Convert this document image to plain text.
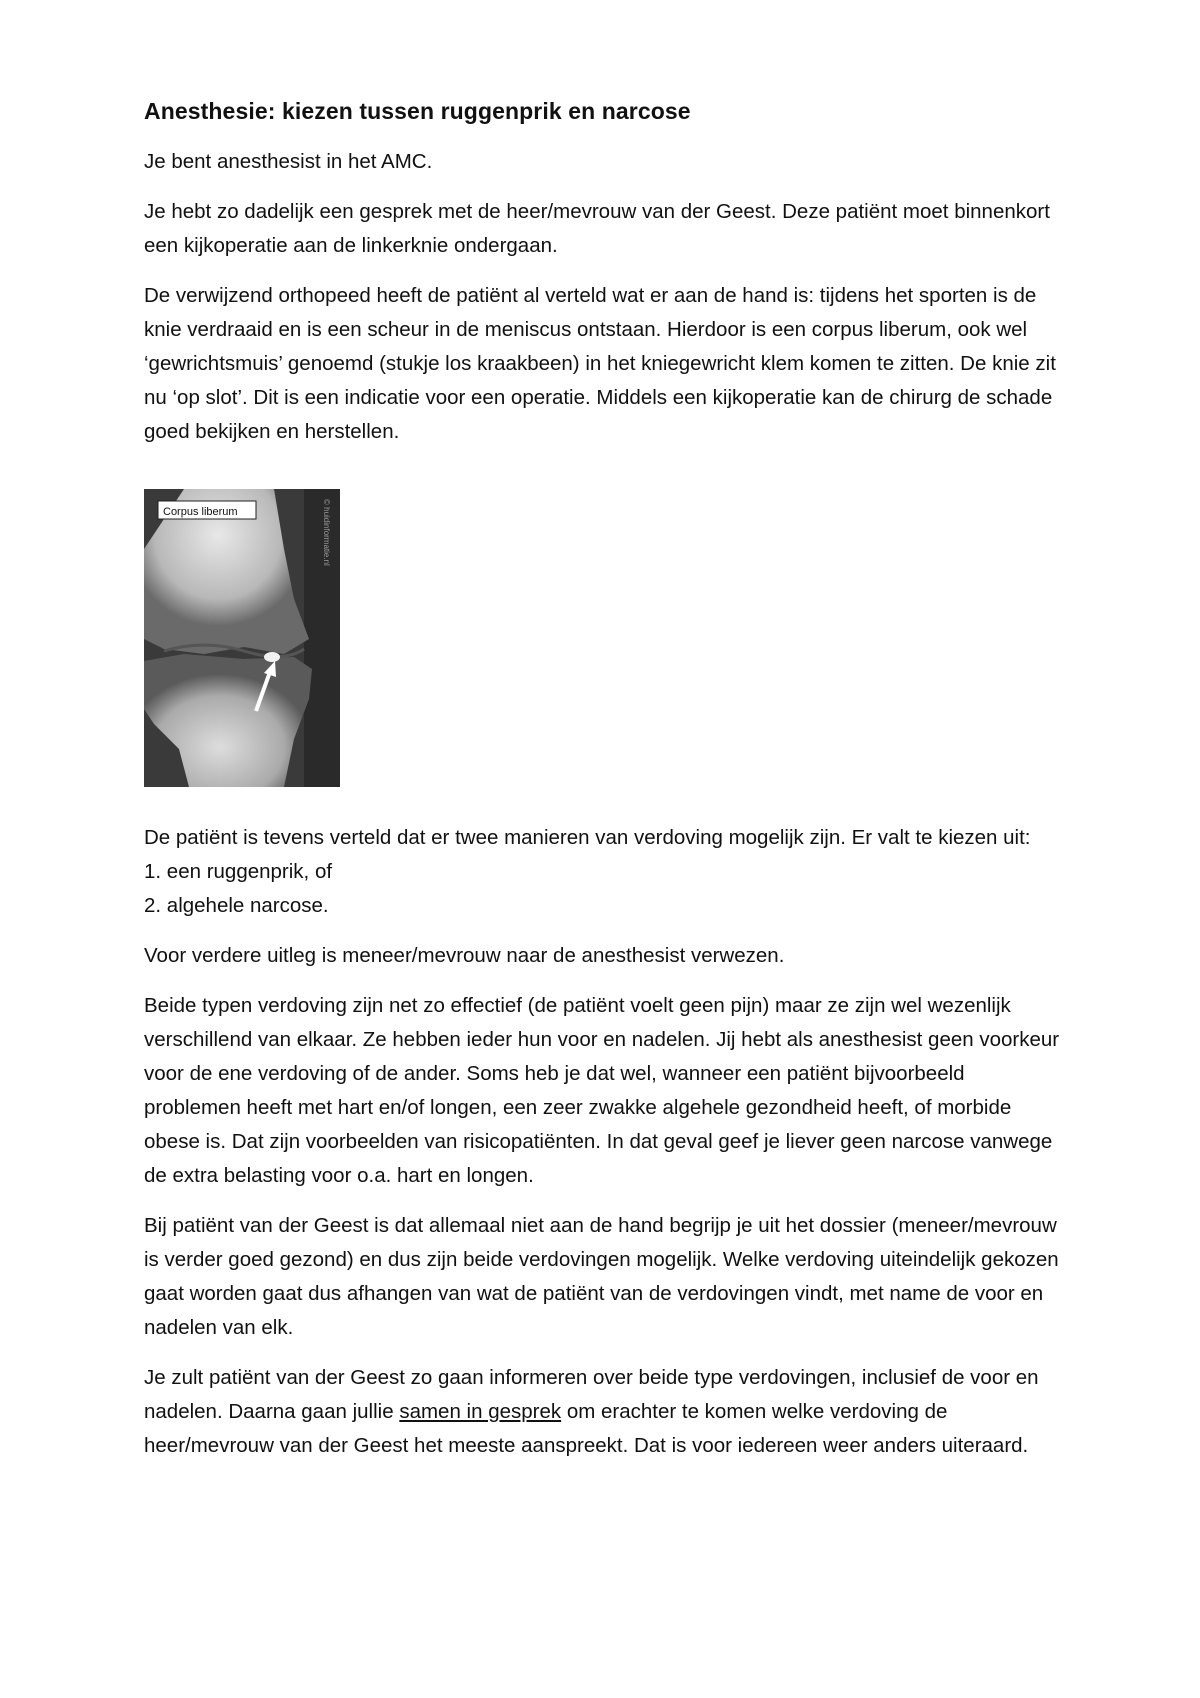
Anesthesie: kiezen tussen ruggenprik en narcose

Je bent anesthesist in het AMC.

Je hebt zo dadelijk een gesprek met de heer/mevrouw van der Geest. Deze patiënt moet binnenkort een kijkoperatie aan de linkerknie ondergaan.

De verwijzend orthopeed heeft de patiënt al verteld wat er aan de hand is: tijdens het sporten is de knie verdraaid en is een scheur in de meniscus ontstaan. Hierdoor is een corpus liberum, ook wel ‘gewrichtsmuis’ genoemd (stukje los kraakbeen) in het kniegewricht klem komen te zitten. De knie zit nu ‘op slot’. Dit is een indicatie voor een operatie. Middels een kijkoperatie kan de chirurg de schade goed bekijken en herstellen.

Corpus liberum	© huidinformatie.nl

De patiënt is tevens verteld dat er twee manieren van verdoving mogelijk zijn. Er valt te kiezen uit:
1. een ruggenprik, of
2. algehele narcose.

Voor verdere uitleg is meneer/mevrouw naar de anesthesist verwezen.

Beide typen verdoving zijn net zo effectief (de patiënt voelt geen pijn) maar ze zijn wel wezenlijk verschillend van elkaar. Ze hebben ieder hun voor en nadelen. Jij hebt als anesthesist geen voorkeur voor de ene verdoving of de ander. Soms heb je dat wel, wanneer een patiënt bijvoorbeeld problemen heeft met hart en/of longen, een zeer zwakke algehele gezondheid heeft, of morbide obese is. Dat zijn voorbeelden van risicopatiënten. In dat geval geef je liever geen narcose vanwege de extra belasting voor o.a. hart en longen.

Bij patiënt van der Geest is dat allemaal niet aan de hand begrijp je uit het dossier (meneer/mevrouw is verder goed gezond) en dus zijn beide verdovingen mogelijk. Welke verdoving uiteindelijk gekozen gaat worden gaat dus afhangen van wat de patiënt van de verdovingen vindt, met name de voor en nadelen van elk.

Je zult patiënt van der Geest zo gaan informeren over beide type verdovingen, inclusief de voor en nadelen. Daarna gaan jullie samen in gesprek om erachter te komen welke verdoving de heer/mevrouw van der Geest het meeste aanspreekt. Dat is voor iedereen weer anders uiteraard.
